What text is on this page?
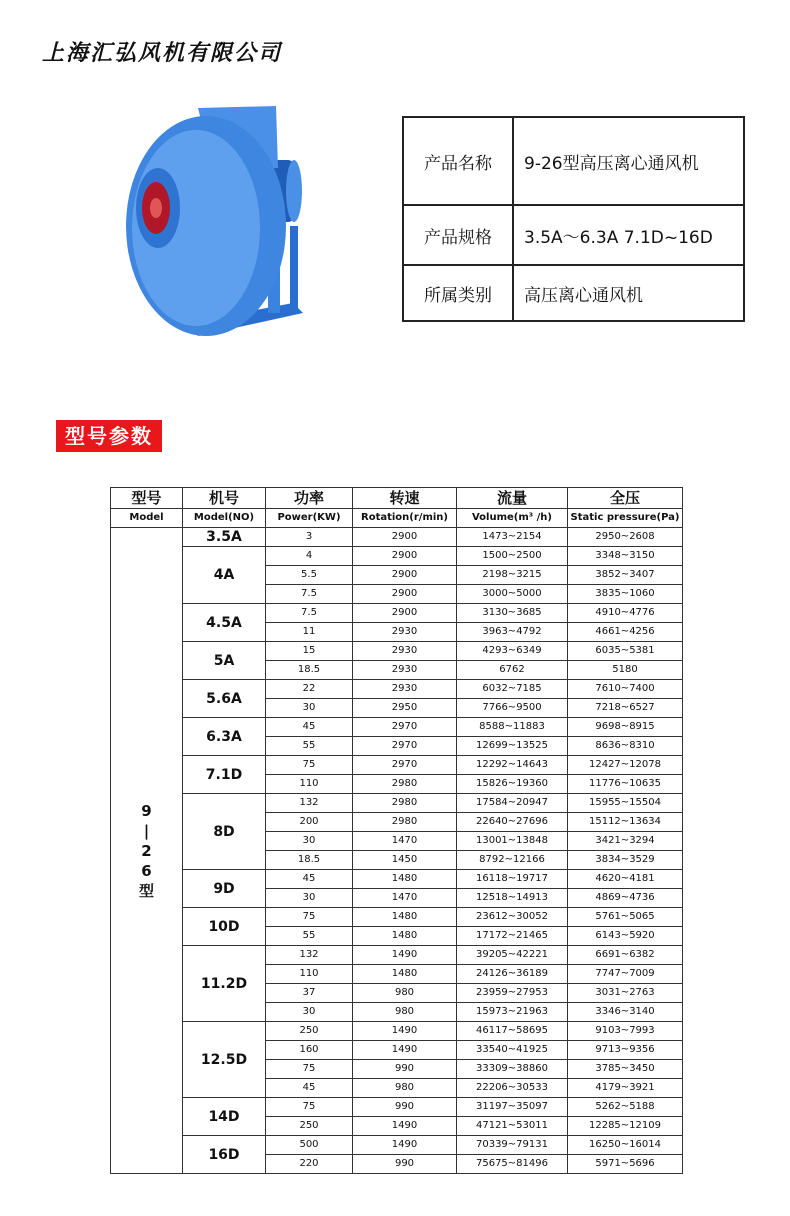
上海汇弘风机有限公司
产品名称	9-26型高压离心通风机
产品规格	3.5A～6.3A 7.1D~16D
所属类别	高压离心通风机
型号参数
型号	机号	功率	转速	流量	全压
Model	Model(NO)	Power(KW)	Rotation(r/min)	Volume(m³ /h)	Static pressure(Pa)

9
|
2
6
型	3.5A	3	2900	1473~2154	2950~2608
	4A	4	2900	1500~2500	3348~3150
		5.5	2900	2198~3215	3852~3407
		7.5	2900	3000~5000	3835~1060
	4.5A	7.5	2900	3130~3685	4910~4776
		11	2930	3963~4792	4661~4256
	5A	15	2930	4293~6349	6035~5381
		18.5	2930	6762	5180
	5.6A	22	2930	6032~7185	7610~7400
		30	2950	7766~9500	7218~6527
	6.3A	45	2970	8588~11883	9698~8915
		55	2970	12699~13525	8636~8310
	7.1D	75	2970	12292~14643	12427~12078
		110	2980	15826~19360	11776~10635
	8D	132	2980	17584~20947	15955~15504
		200	2980	22640~27696	15112~13634
		30	1470	13001~13848	3421~3294
		18.5	1450	8792~12166	3834~3529
	9D	45	1480	16118~19717	4620~4181
		30	1470	12518~14913	4869~4736
	10D	75	1480	23612~30052	5761~5065
		55	1480	17172~21465	6143~5920
	11.2D	132	1490	39205~42221	6691~6382
		110	1480	24126~36189	7747~7009
		37	980	23959~27953	3031~2763
		30	980	15973~21963	3346~3140
	12.5D	250	1490	46117~58695	9103~7993
		160	1490	33540~41925	9713~9356
		75	990	33309~38860	3785~3450
		45	980	22206~30533	4179~3921
	14D	75	990	31197~35097	5262~5188
		250	1490	47121~53011	12285~12109
	16D	500	1490	70339~79131	16250~16014
		220	990	75675~81496	5971~5696
